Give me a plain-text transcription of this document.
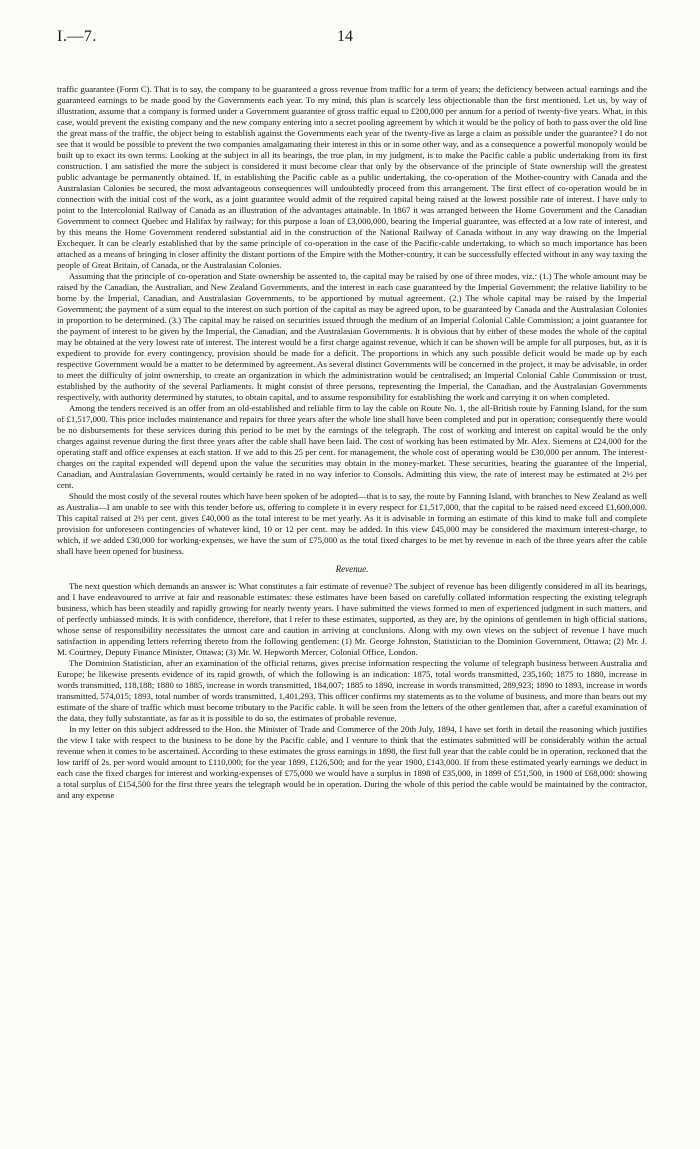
I.—7.	14

traffic guarantee (Form C). That is to say, the company to be guaranteed a gross revenue from traffic for a term of years; the deficiency between actual earnings and the guaranteed earnings to be made good by the Governments each year. To my mind, this plan is scarcely less objectionable than the first mentioned. Let us, by way of illustration, assume that a company is formed under a Government guarantee of gross traffic equal to £200,000 per annum for a period of twenty-five years. What, in this case, would prevent the existing company and the new company entering into a secret pooling agreement by which it would be the policy of both to pass over the old line the great mass of the traffic, the object being to establish against the Governments each year of the twenty-five as large a claim as possible under the guarantee? I do not see that it would be possible to prevent the two companies amalgamating their interest in this or in some other way, and as a consequence a powerful monopoly would be built up to exact its own terms. Looking at the subject in all its bearings, the true plan, in my judgment, is to make the Pacific cable a public undertaking from its first construction. I am satisfied the more the subject is considered it must become clear that only by the observance of the principle of State ownership will the greatest public advantage be permanently obtained. If, in establishing the Pacific cable as a public undertaking, the co-operation of the Mother-country with Canada and the Australasian Colonies be secured, the most advantageous consequences will undoubtedly proceed from this arrangement. The first effect of co-operation would be in connection with the initial cost of the work, as a joint guarantee would admit of the required capital being raised at the lowest possible rate of interest. I have only to point to the Intercolonial Railway of Canada as an illustration of the advantages attainable. In 1867 it was arranged between the Home Government and the Canadian Government to connect Quebec and Halifax by railway; for this purpose a loan of £3,000,000, bearing the Imperial guarantee, was effected at a low rate of interest, and by this means the Home Government rendered substantial aid in the construction of the National Railway of Canada without in any way drawing on the Imperial Exchequer. It can be clearly established that by the same principle of co-operation in the case of the Pacific-cable undertaking, to which so much importance has been attached as a means of bringing in closer affinity the distant portions of the Empire with the Mother-country, it can be successfully effected without in any way taxing the people of Great Britain, of Canada, or the Australasian Colonies.

Assuming that the principle of co-operation and State ownership be assented to, the capital may be raised by one of three modes, viz.: (1.) The whole amount may be raised by the Canadian, the Australian, and New Zealand Governments, and the interest in each case guaranteed by the Imperial Government; the relative liability to be borne by the Imperial, Canadian, and Australasian Governments, to be apportioned by mutual agreement. (2.) The whole capital may be raised by the Imperial Government; the payment of a sum equal to the interest on such portion of the capital as may be agreed upon, to be guaranteed by Canada and the Australasian Colonies in proportion to be determined. (3.) The capital may be raised on securities issued through the medium of an Imperial Colonial Cable Commission; a joint guarantee for the payment of interest to be given by the Imperial, the Canadian, and the Australasian Governments. It is obvious that by either of these modes the whole of the capital may be obtained at the very lowest rate of interest. The interest would be a first charge against revenue, which it can be shown will be ample for all purposes, but, as it is expedient to provide for every contingency, provision should be made for a deficit. The proportions in which any such possible deficit would be made up by each respective Government would be a matter to be determined by agreement. As several distinct Governments will be concerned in the project, it may be advisable, in order to meet the difficulty of joint ownership, to create an organization in which the administration would be centralised; an Imperial Colonial Cable Commission or trust, established by the authority of the several Parliaments. It might consist of three persons, representing the Imperial, the Canadian, and the Australasian Governments respectively, with authority determined by statutes, to obtain capital, and to assume responsibility for establishing the work and carrying it on when completed.

Among the tenders received is an offer from an old-established and reliable firm to lay the cable on Route No. 1, the all-British route by Fanning Island, for the sum of £1,517,000. This price includes maintenance and repairs for three years after the whole line shall have been completed and put in operation; consequently there would be no disbursements for these services during this period to be met by the earnings of the telegraph. The cost of working and interest on capital would be the only charges against revenue during the first three years after the cable shall have been laid. The cost of working has been estimated by Mr. Alex. Siemens at £24,000 for the operating staff and office expenses at each station. If we add to this 25 per cent. for management, the whole cost of operating would be £30,000 per annum. The interest-charges on the capital expended will depend upon the value the securities may obtain in the money-market. These securities, bearing the guarantee of the Imperial, Canadian, and Australasian Governments, would certainly be rated in no way inferior to Consols. Admitting this view, the rate of interest may be estimated at 2½ per cent.

Should the most costly of the several routes which have been spoken of be adopted—that is to say, the route by Fanning Island, with branches to New Zealand as well as Australia—I am unable to see with this tender before us, offering to complete it in every respect for £1,517,000, that the capital to be raised need exceed £1,600,000. This capital raised at 2½ per cent. gives £40,000 as the total interest to be met yearly. As it is advisable in forming an estimate of this kind to make full and complete provision for unforeseen contingencies of whatever kind, 10 or 12 per cent. may be added. In this view £45,000 may be considered the maximum interest-charge, to which, if we added £30,000 for working-expenses, we have the sum of £75,000 as the total fixed charges to be met by revenue in each of the three years after the cable shall have been opened for business.

Revenue.

The next question which demands an answer is: What constitutes a fair estimate of revenue? The subject of revenue has been diligently considered in all its bearings, and I have endeavoured to arrive at fair and reasonable estimates: these estimates have been based on carefully collated information respecting the existing telegraph business, which has been steadily and rapidly growing for nearly twenty years. I have submitted the views formed to men of experienced judgment in such matters, and of perfectly unbiassed minds. It is with confidence, therefore, that I refer to these estimates, supported, as they are, by the opinions of gentlemen in high official stations, whose sense of responsibility necessitates the utmost care and caution in arriving at conclusions. Along with my own views on the subject of revenue I have much satisfaction in appending letters referring thereto from the following gentlemen: (1) Mr. George Johnston, Statistician to the Dominion Government, Ottawa; (2) Mr. J. M. Courtney, Deputy Finance Minister, Ottawa; (3) Mr. W. Hepworth Mercer, Colonial Office, London.

The Dominion Statistician, after an examination of the official returns, gives precise information respecting the volume of telegraph business between Australia and Europe; he likewise presents evidence of its rapid growth, of which the following is an indication: 1875, total words transmitted, 235,160; 1875 to 1880, increase in words transmitted, 118,188; 1880 to 1885, increase in words transmitted, 184,007; 1885 to 1890, increase in words transmitted, 289,923; 1890 to 1893, increase in words transmitted, 574,015; 1893, total number of words transmitted, 1,401,293. This officer confirms my statements as to the volume of business, and more than bears out my estimate of the share of traffic which must become tributary to the Pacific cable. It will be seen from the letters of the other gentlemen that, after a careful examination of the data, they fully substantiate, as far as it is possible to do so, the estimates of probable revenue.

In my letter on this subject addressed to the Hon. the Minister of Trade and Commerce of the 20th July, 1894, I have set forth in detail the reasoning which justifies the view I take with respect to the business to be done by the Pacific cable, and I venture to think that the estimates submitted will be considerably within the actual revenue when it comes to be ascertained. According to these estimates the gross earnings in 1898, the first full year that the cable could be in operation, reckoned that the low tariff of 2s. per word would amount to £110,000; for the year 1899, £126,500; and for the year 1900, £143,000. If from these estimated yearly earnings we deduct in each case the fixed charges for interest and working-expenses of £75,000 we would have a surplus in 1898 of £35,000, in 1899 of £51,500, in 1900 of £68,000: showing a total surplus of £154,500 for the first three years the telegraph would be in operation. During the whole of this period the cable would be maintained by the contractor, and any expense
